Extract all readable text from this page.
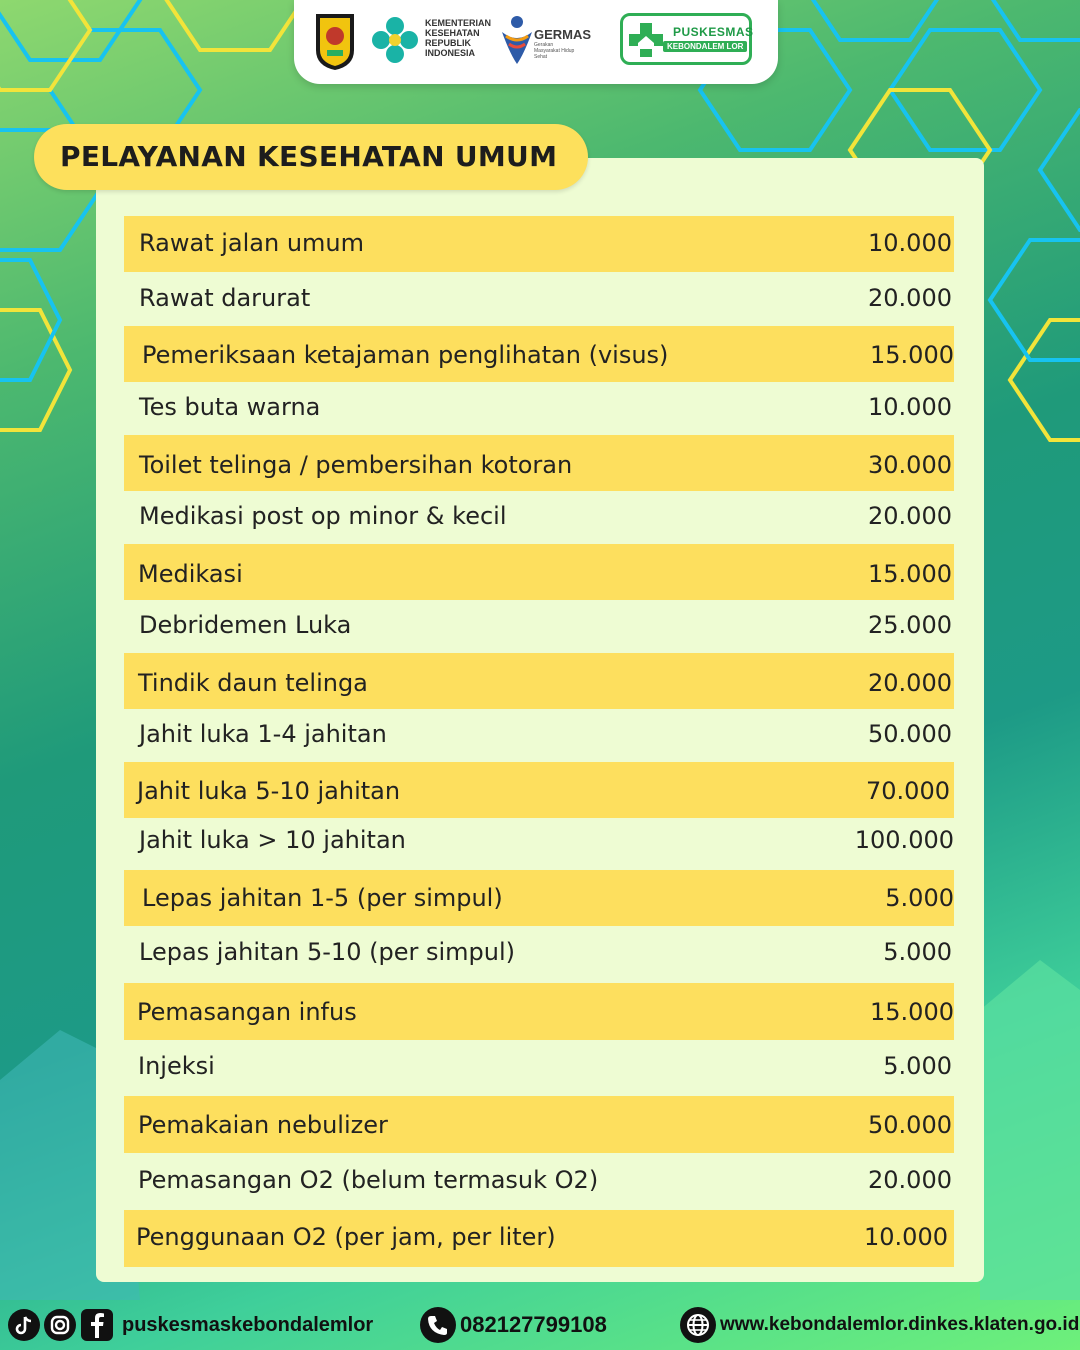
KEMENTERIAN
KESEHATAN
REPUBLIK
INDONESIA
GERMAS
Gerakan Masyarakat Hidup Sehat
PUSKESMAS
KEBONDALEM LOR
PELAYANAN KESEHATAN UMUM
Rawat jalan umum	10.000
Rawat darurat	20.000
Pemeriksaan ketajaman penglihatan (visus)	15.000
Tes buta warna	10.000
Toilet telinga / pembersihan kotoran	30.000
Medikasi post op minor & kecil	20.000
Medikasi	15.000
Debridemen Luka	25.000
Tindik daun telinga	20.000
Jahit luka 1-4 jahitan	50.000
Jahit luka 5-10 jahitan	70.000
Jahit luka > 10 jahitan	100.000
Lepas jahitan 1-5 (per simpul)	5.000
Lepas jahitan 5-10 (per simpul)	5.000
Pemasangan infus	15.000
Injeksi	5.000
Pemakaian nebulizer	50.000
Pemasangan O2 (belum termasuk O2)	20.000
Penggunaan O2 (per jam, per liter)	10.000
puskesmaskebondalemlor	082127799108	www.kebondalemlor.dinkes.klaten.go.id
